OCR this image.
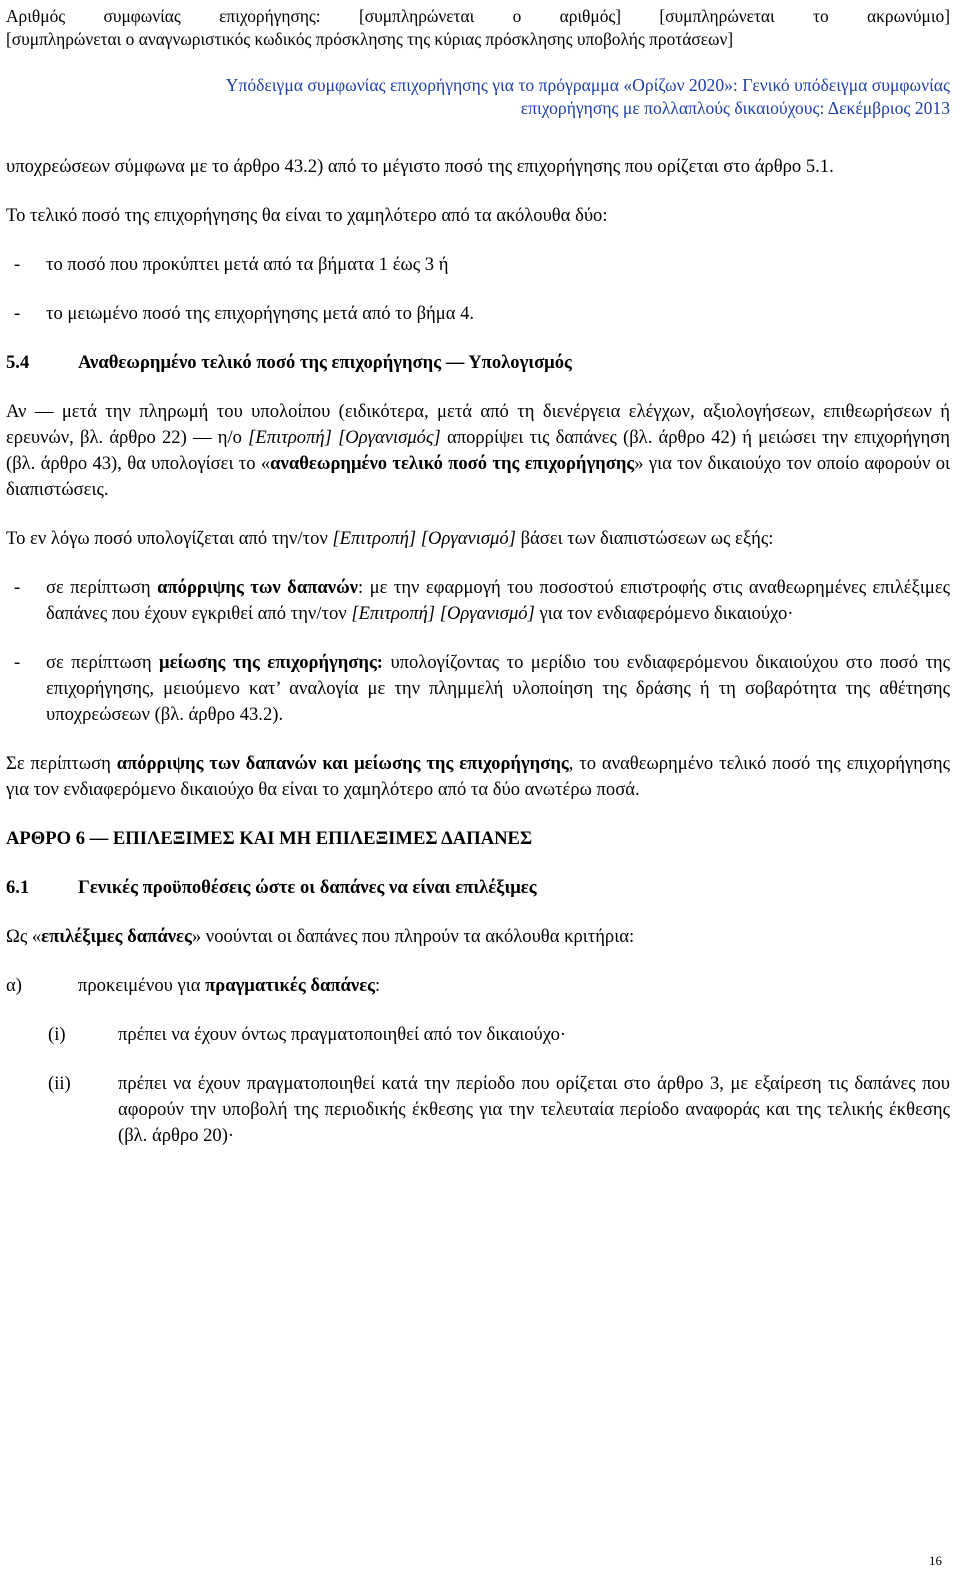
Αριθμός συμφωνίας επιχορήγησης: [συμπληρώνεται ο αριθμός] [συμπληρώνεται το ακρωνύμιο]
[συμπληρώνεται ο αναγνωριστικός κωδικός πρόσκλησης της κύριας πρόσκλησης υποβολής προτάσεων]
Υπόδειγμα συμφωνίας επιχορήγησης για το πρόγραμμα «Ορίζων 2020»: Γενικό υπόδειγμα συμφωνίας
επιχορήγησης με πολλαπλούς δικαιούχους: Δεκέμβριος 2013

υποχρεώσεων σύμφωνα με το άρθρο 43.2) από το μέγιστο ποσό της επιχορήγησης που ορίζεται στο άρθρο 5.1.

Το τελικό ποσό της επιχορήγησης θα είναι το χαμηλότερο από τα ακόλουθα δύο:

-	το ποσό που προκύπτει μετά από τα βήματα 1 έως 3 ή

-	το μειωμένο ποσό της επιχορήγησης μετά από το βήμα 4.

5.4	Αναθεωρημένο τελικό ποσό της επιχορήγησης — Υπολογισμός

Αν — μετά την πληρωμή του υπολοίπου (ειδικότερα, μετά από τη διενέργεια ελέγχων, αξιολογήσεων, επιθεωρήσεων ή ερευνών, βλ. άρθρο 22) — η/ο [Επιτροπή] [Οργανισμός] απορρίψει τις δαπάνες (βλ. άρθρο 42) ή μειώσει την επιχορήγηση (βλ. άρθρο 43), θα υπολογίσει το «αναθεωρημένο τελικό ποσό της επιχορήγησης» για τον δικαιούχο τον οποίο αφορούν οι διαπιστώσεις.

Το εν λόγω ποσό υπολογίζεται από την/τον [Επιτροπή] [Οργανισμό] βάσει των διαπιστώσεων ως εξής:

-	σε περίπτωση απόρριψης των δαπανών: με την εφαρμογή του ποσοστού επιστροφής στις αναθεωρημένες επιλέξιμες δαπάνες που έχουν εγκριθεί από την/τον [Επιτροπή] [Οργανισμό] για τον ενδιαφερόμενο δικαιούχο·

-	σε περίπτωση μείωσης της επιχορήγησης: υπολογίζοντας το μερίδιο του ενδιαφερόμενου δικαιούχου στο ποσό της επιχορήγησης, μειούμενο κατ’ αναλογία με την πλημμελή υλοποίηση της δράσης ή τη σοβαρότητα της αθέτησης υποχρεώσεων (βλ. άρθρο 43.2).

Σε περίπτωση απόρριψης των δαπανών και μείωσης της επιχορήγησης, το αναθεωρημένο τελικό ποσό της επιχορήγησης για τον ενδιαφερόμενο δικαιούχο θα είναι το χαμηλότερο από τα δύο ανωτέρω ποσά.

ΑΡΘΡΟ 6 — ΕΠΙΛΕΞΙΜΕΣ ΚΑΙ ΜΗ ΕΠΙΛΕΞΙΜΕΣ ΔΑΠΑΝΕΣ
6.1	Γενικές προϋποθέσεις ώστε οι δαπάνες να είναι επιλέξιμες

Ως «επιλέξιμες δαπάνες» νοούνται οι δαπάνες που πληρούν τα ακόλουθα κριτήρια:

α)	προκειμένου για πραγματικές δαπάνες:

(i)	πρέπει να έχουν όντως πραγματοποιηθεί από τον δικαιούχο·

(ii)	πρέπει να έχουν πραγματοποιηθεί κατά την περίοδο που ορίζεται στο άρθρο 3, με εξαίρεση τις δαπάνες που αφορούν την υποβολή της περιοδικής έκθεσης για την τελευταία περίοδο αναφοράς και της τελικής έκθεσης (βλ. άρθρο 20)·

16
